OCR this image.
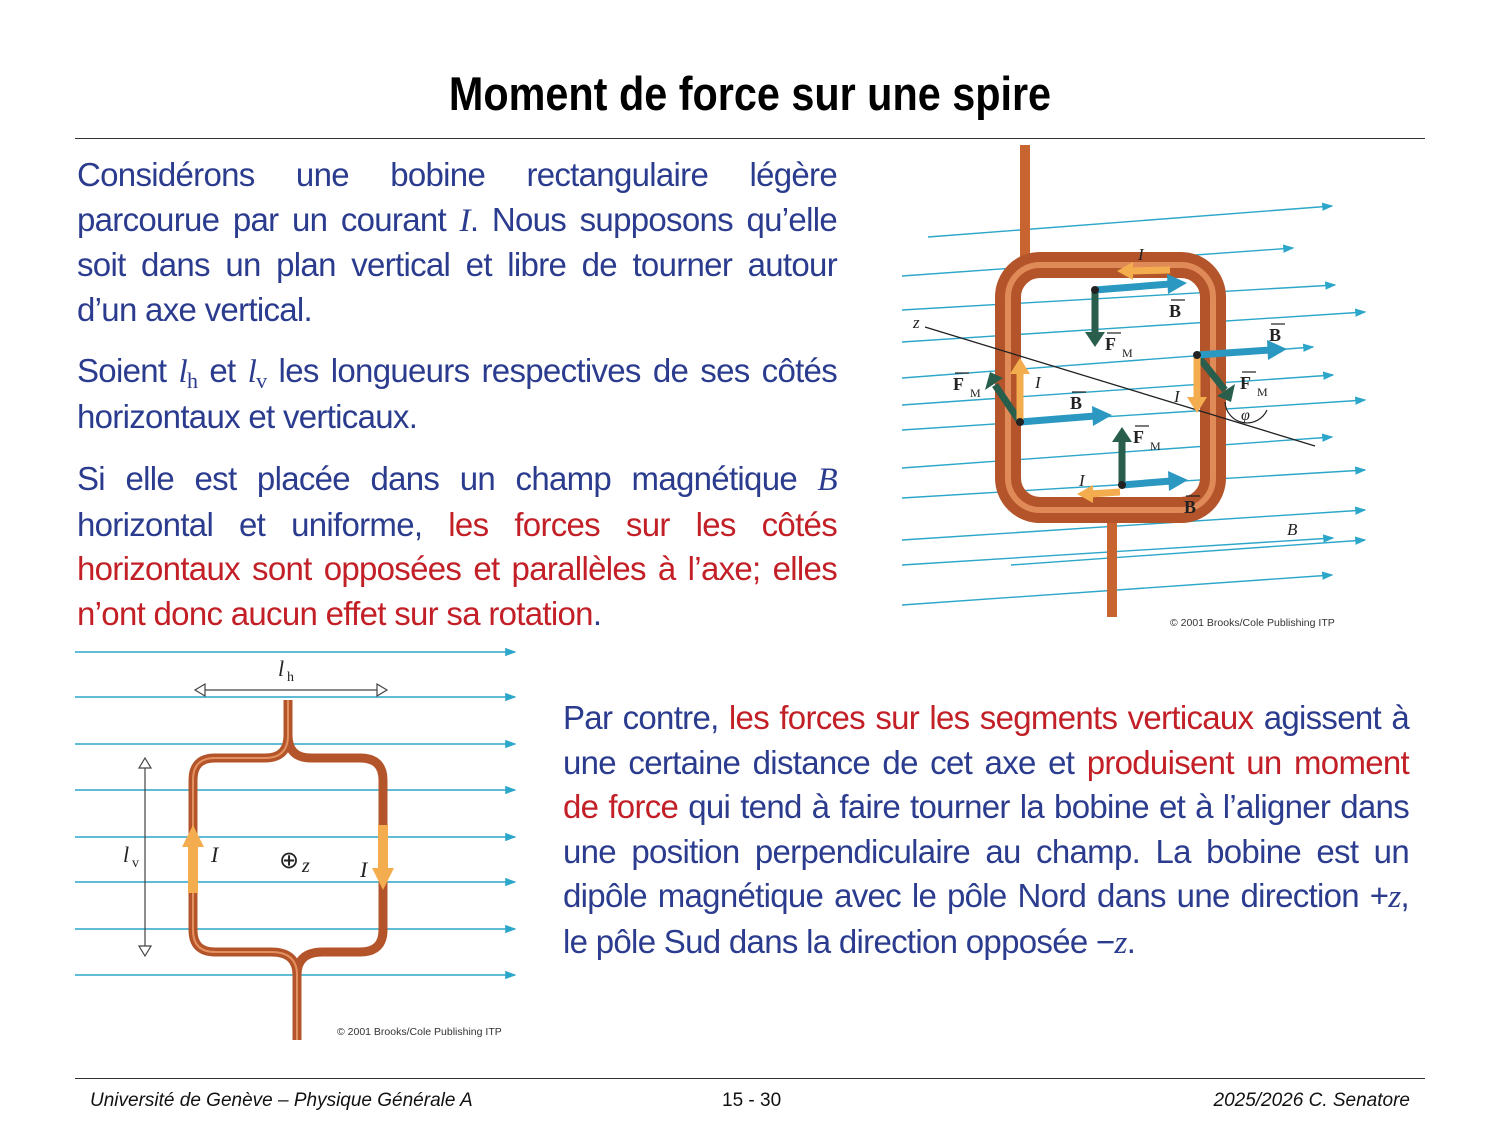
Moment de force sur une spire
Considérons une bobine rectangulaire légère parcourue par un courant I. Nous supposons qu’elle soit dans un plan vertical et libre de tourner autour d’un axe vertical.
Soient $l_h$ et $l_v$ les longueurs respectives de ses côtés horizontaux et verticaux.
Si elle est placée dans un champ magnétique B horizontal et uniforme, les forces sur les côtés horizontaux sont opposées et parallèles à l’axe; elles n’ont donc aucun effet sur sa rotation.
Par contre, les forces sur les segments verticaux agissent à une certaine distance de cet axe et produisent un moment de force qui tend à faire tourner la bobine et à l’aligner dans une position perpendiculaire au champ. La bobine est un dipôle magnétique avec le pôle Nord dans une direction +z, le pôle Sud dans la direction opposée −z.
z
I
I
I
I
B
B
B
B
F M
F M
F M
F M
φ
B
© 2001 Brooks/Cole Publishing ITP
l h
l v	I
I
⊕ z
© 2001 Brooks/Cole Publishing ITP
Université de Genève – Physique Générale A	15 - 30	2025/2026 C. Senatore
